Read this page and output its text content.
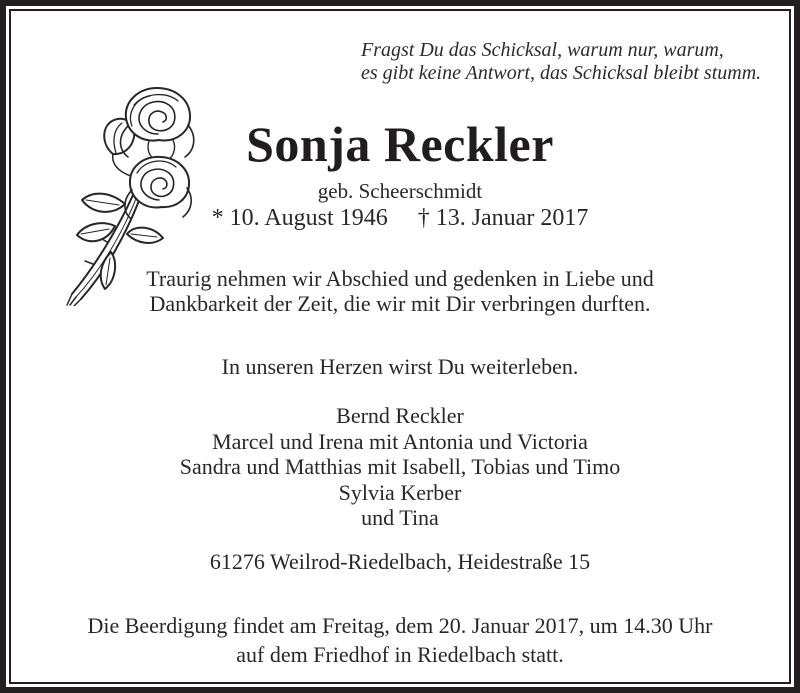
Fragst Du das Schicksal, warum nur, warum,
es gibt keine Antwort, das Schicksal bleibt stumm.
Sonja Reckler
geb. Scheerschmidt
* 10. August 1946 † 13. Januar 2017
Traurig nehmen wir Abschied und gedenken in Liebe und
Dankbarkeit der Zeit, die wir mit Dir verbringen durften.
In unseren Herzen wirst Du weiterleben.
Bernd Reckler
Marcel und Irena mit Antonia und Victoria
Sandra und Matthias mit Isabell, Tobias und Timo
Sylvia Kerber
und Tina
61276 Weilrod-Riedelbach, Heidestraße 15
Die Beerdigung findet am Freitag, dem 20. Januar 2017, um 14.30 Uhr
auf dem Friedhof in Riedelbach statt.
